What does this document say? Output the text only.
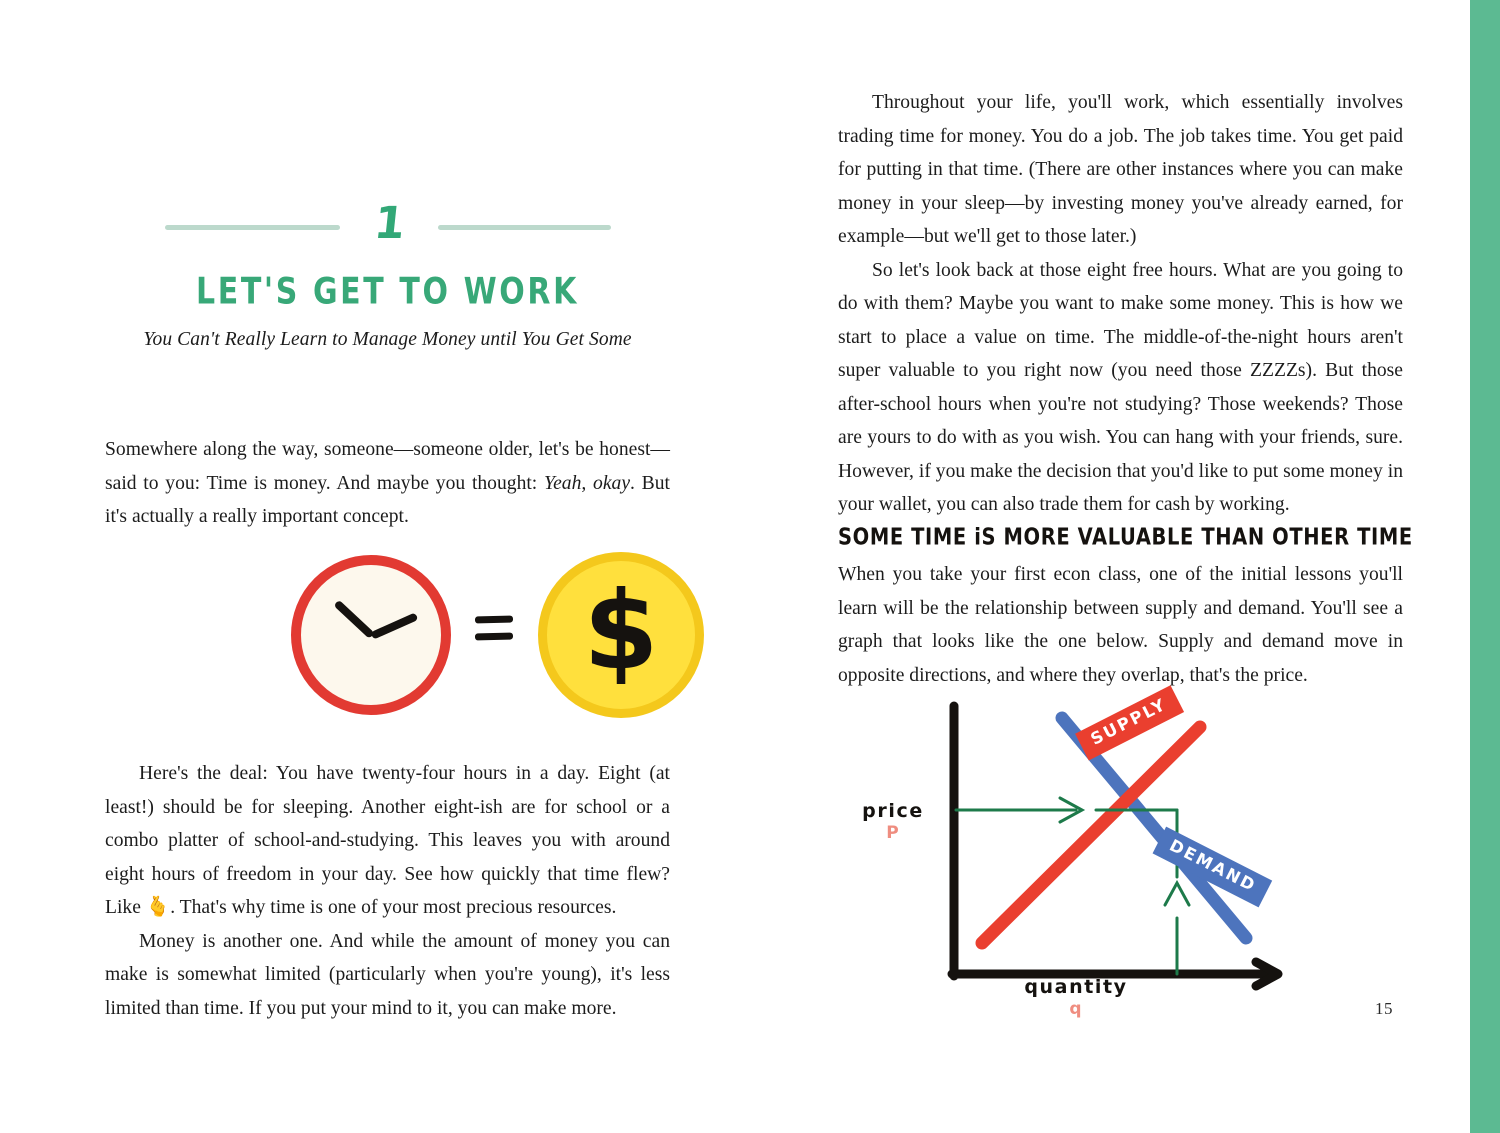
1
LET'S GET TO WORK
You Can't Really Learn to Manage Money until You Get Some

Somewhere along the way, someone—someone older, let's be honest—said to you: Time is money. And maybe you thought: Yeah, okay. But it's actually a really important concept.

$

Here's the deal: You have twenty-four hours in a day. Eight (at least!) should be for sleeping. Another eight-ish are for school or a combo platter of school-and-studying. This leaves you with around eight hours of freedom in your day. See how quickly that time flew? Like 🫰. That's why time is one of your most precious resources.

Money is another one. And while the amount of money you can make is somewhat limited (particularly when you're young), it's less limited than time. If you put your mind to it, you can make more.

Throughout your life, you'll work, which essentially involves trading time for money. You do a job. The job takes time. You get paid for putting in that time. (There are other instances where you can make money in your sleep—by investing money you've already earned, for example—but we'll get to those later.)

So let's look back at those eight free hours. What are you going to do with them? Maybe you want to make some money. This is how we start to place a value on time. The middle-of-the-night hours aren't super valuable to you right now (you need those ZZZZs). But those after-school hours when you're not studying? Those weekends? Those are yours to do with as you wish. You can hang with your friends, sure. However, if you make the decision that you'd like to put some money in your wallet, you can also trade them for cash by working.

SOME TIME iS MORE VALUABLE THAN OTHER TIME

When you take your first econ class, one of the initial lessons you'll learn will be the relationship between supply and demand. You'll see a graph that looks like the one below. Supply and demand move in opposite directions, and where they overlap, that's the price.

price
P
quantity
q
SUPPLY
DEMAND
15
